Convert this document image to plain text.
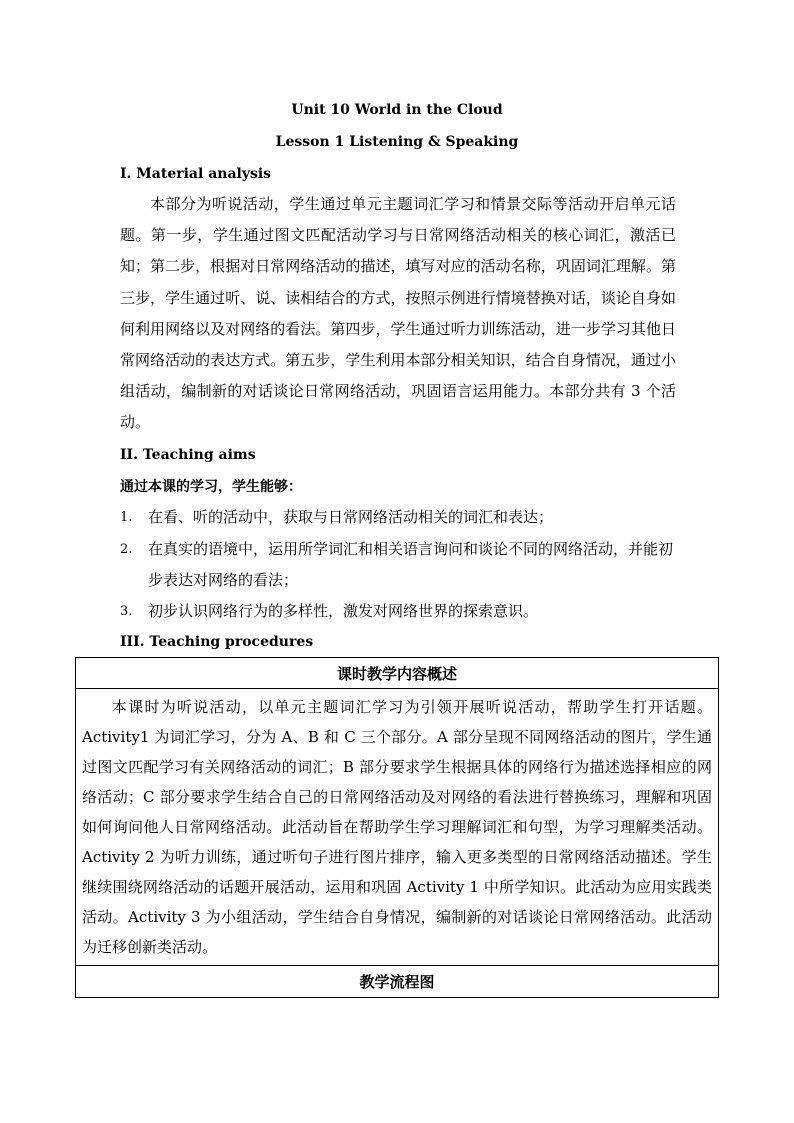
Unit 10 World in the Cloud
Lesson 1 Listening & Speaking
I. Material analysis
本部分为听说活动，学生通过单元主题词汇学习和情景交际等活动开启单元话题。第一步，学生通过图文匹配活动学习与日常网络活动相关的核心词汇，激活已知；第二步，根据对日常网络活动的描述，填写对应的活动名称，巩固词汇理解。第三步，学生通过听、说、读相结合的方式，按照示例进行情境替换对话，谈论自身如何利用网络以及对网络的看法。第四步，学生通过听力训练活动，进一步学习其他日常网络活动的表达方式。第五步，学生利用本部分相关知识，结合自身情况，通过小组活动，编制新的对话谈论日常网络活动，巩固语言运用能力。本部分共有 3 个活动。
II. Teaching aims
通过本课的学习，学生能够：
1. 在看、听的活动中，获取与日常网络活动相关的词汇和表达；
2. 在真实的语境中，运用所学词汇和相关语言询问和谈论不同的网络活动，并能初步表达对网络的看法；
3. 初步认识网络行为的多样性，激发对网络世界的探索意识。
III. Teaching procedures
课时教学内容概述
本课时为听说活动，以单元主题词汇学习为引领开展听说活动，帮助学生打开话题。Activity1 为词汇学习，分为 A、B 和 C 三个部分。A 部分呈现不同网络活动的图片，学生通过图文匹配学习有关网络活动的词汇；B 部分要求学生根据具体的网络行为描述选择相应的网络活动；C 部分要求学生结合自己的日常网络活动及对网络的看法进行替换练习，理解和巩固如何询问他人日常网络活动。此活动旨在帮助学生学习理解词汇和句型，为学习理解类活动。Activity 2 为听力训练，通过听句子进行图片排序，输入更多类型的日常网络活动描述。学生继续围绕网络活动的话题开展活动，运用和巩固 Activity 1 中所学知识。此活动为应用实践类活动。Activity 3 为小组活动，学生结合自身情况，编制新的对话谈论日常网络活动。此活动为迁移创新类活动。
教学流程图
